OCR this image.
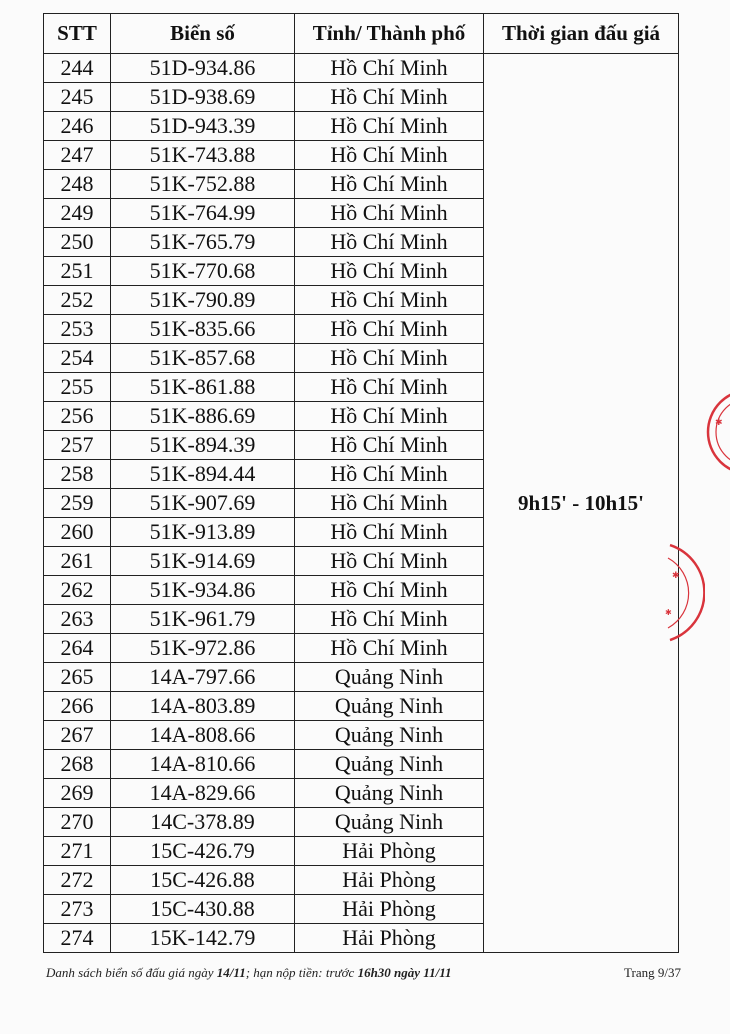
STT	Biển số	Tỉnh/ Thành phố	Thời gian đấu giá
244	51D-934.86	Hồ Chí Minh	9h15' - 10h15'
245	51D-938.69	Hồ Chí Minh	
246	51D-943.39	Hồ Chí Minh	
247	51K-743.88	Hồ Chí Minh	
248	51K-752.88	Hồ Chí Minh	
249	51K-764.99	Hồ Chí Minh	
250	51K-765.79	Hồ Chí Minh	
251	51K-770.68	Hồ Chí Minh	
252	51K-790.89	Hồ Chí Minh	
253	51K-835.66	Hồ Chí Minh	
254	51K-857.68	Hồ Chí Minh	
255	51K-861.88	Hồ Chí Minh	
256	51K-886.69	Hồ Chí Minh	
257	51K-894.39	Hồ Chí Minh	
258	51K-894.44	Hồ Chí Minh	
259	51K-907.69	Hồ Chí Minh	
260	51K-913.89	Hồ Chí Minh	
261	51K-914.69	Hồ Chí Minh	
262	51K-934.86	Hồ Chí Minh	
263	51K-961.79	Hồ Chí Minh	
264	51K-972.86	Hồ Chí Minh	
265	14A-797.66	Quảng Ninh	
266	14A-803.89	Quảng Ninh	
267	14A-808.66	Quảng Ninh	
268	14A-810.66	Quảng Ninh	
269	14A-829.66	Quảng Ninh	
270	14C-378.89	Quảng Ninh	
271	15C-426.79	Hải Phòng	
272	15C-426.88	Hải Phòng	
273	15C-430.88	Hải Phòng	
274	15K-142.79	Hải Phòng	
Danh sách biển số đấu giá ngày 14/11; hạn nộp tiền: trước 16h30 ngày 11/11	Trang 9/37
✱
✱
✱
